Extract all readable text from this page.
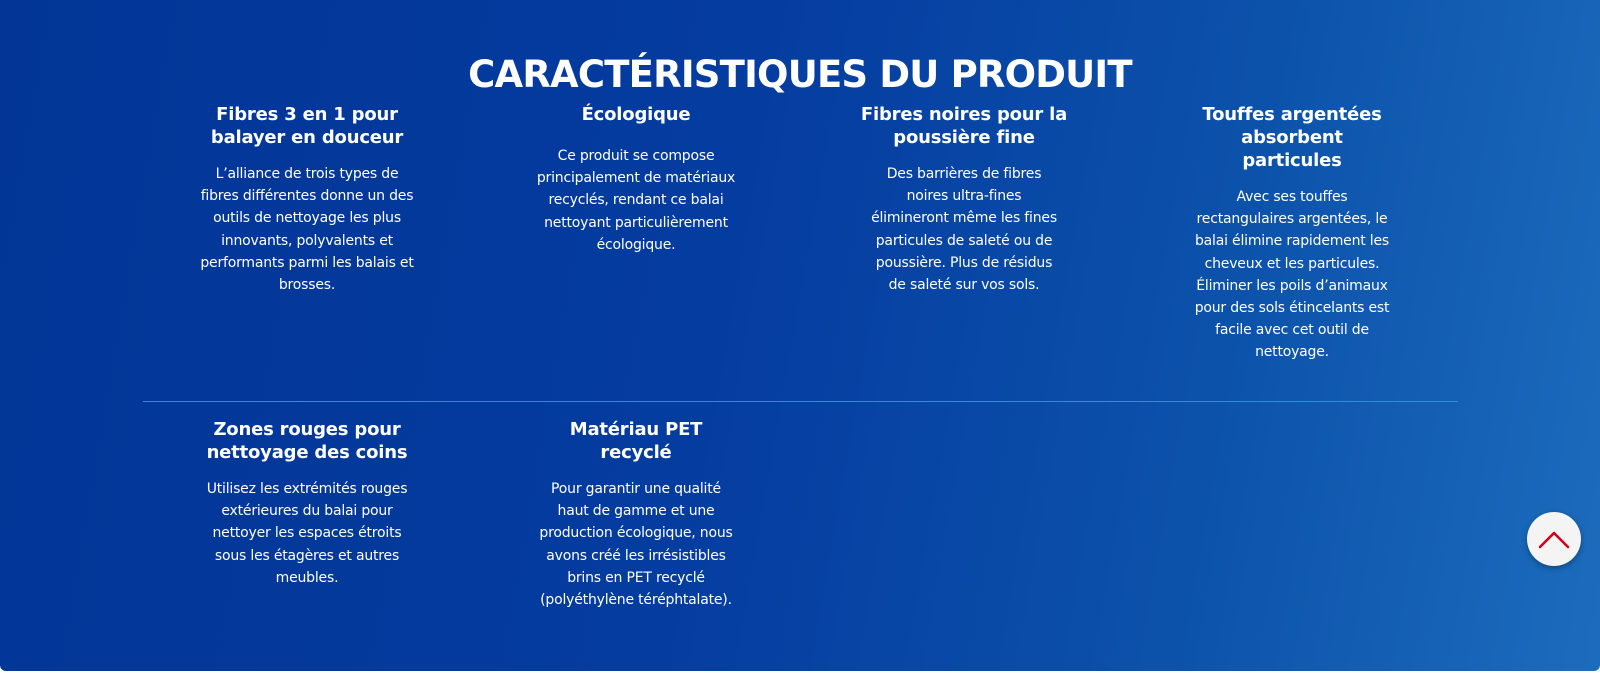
CARACTÉRISTIQUES DU PRODUIT
Fibres 3 en 1 pour balayer en douceur

L’alliance de trois types de fibres différentes donne un des outils de nettoyage les plus innovants, polyvalents et performants parmi les balais et brosses.

Écologique

Ce produit se compose principalement de matériaux recyclés, rendant ce balai nettoyant particulièrement écologique.

Fibres noires pour la poussière fine

Des barrières de fibres noires ultra-fines élimineront même les fines particules de saleté ou de poussière. Plus de résidus de saleté sur vos sols.

Touffes argentées absorbent particules

Avec ses touffes rectangulaires argentées, le balai élimine rapidement les cheveux et les particules. Éliminer les poils d’animaux pour des sols étincelants est facile avec cet outil de nettoyage.

Zones rouges pour nettoyage des coins

Utilisez les extrémités rouges extérieures du balai pour nettoyer les espaces étroits sous les étagères et autres meubles.

Matériau PET recyclé

Pour garantir une qualité haut de gamme et une production écologique, nous avons créé les irrésistibles brins en PET recyclé (polyéthylène téréphtalate).
